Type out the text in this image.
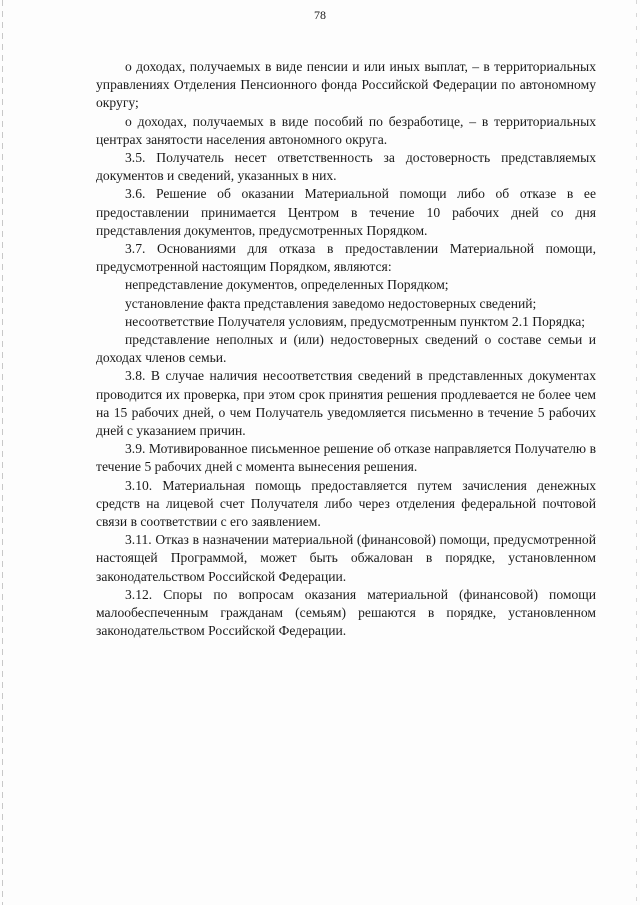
78

о доходах, получаемых в виде пенсии и или иных выплат, – в территориальных управлениях Отделения Пенсионного фонда Российской Федерации по автономному округу;

о доходах, получаемых в виде пособий по безработице, – в территориальных центрах занятости населения автономного округа.

3.5. Получатель несет ответственность за достоверность представляемых документов и сведений, указанных в них.

3.6. Решение об оказании Материальной помощи либо об отказе в ее предоставлении принимается Центром в течение 10 рабочих дней со дня представления документов, предусмотренных Порядком.

3.7. Основаниями для отказа в предоставлении Материальной помощи, предусмотренной настоящим Порядком, являются:

непредставление документов, определенных Порядком;

установление факта представления заведомо недостоверных сведений;

несоответствие Получателя условиям, предусмотренным пунктом 2.1 Порядка;

представление неполных и (или) недостоверных сведений о составе семьи и доходах членов семьи.

3.8. В случае наличия несоответствия сведений в представленных документах проводится их проверка, при этом срок принятия решения продлевается не более чем на 15 рабочих дней, о чем Получатель уведомляется письменно в течение 5 рабочих дней с указанием причин.

3.9. Мотивированное письменное решение об отказе направляется Получателю в течение 5 рабочих дней с момента вынесения решения.

3.10. Материальная помощь предоставляется путем зачисления денежных средств на лицевой счет Получателя либо через отделения федеральной почтовой связи в соответствии с его заявлением.

3.11. Отказ в назначении материальной (финансовой) помощи, предусмотренной настоящей Программой, может быть обжалован в порядке, установленном законодательством Российской Федерации.

3.12. Споры по вопросам оказания материальной (финансовой) помощи малообеспеченным гражданам (семьям) решаются в порядке, установленном законодательством Российской Федерации.
